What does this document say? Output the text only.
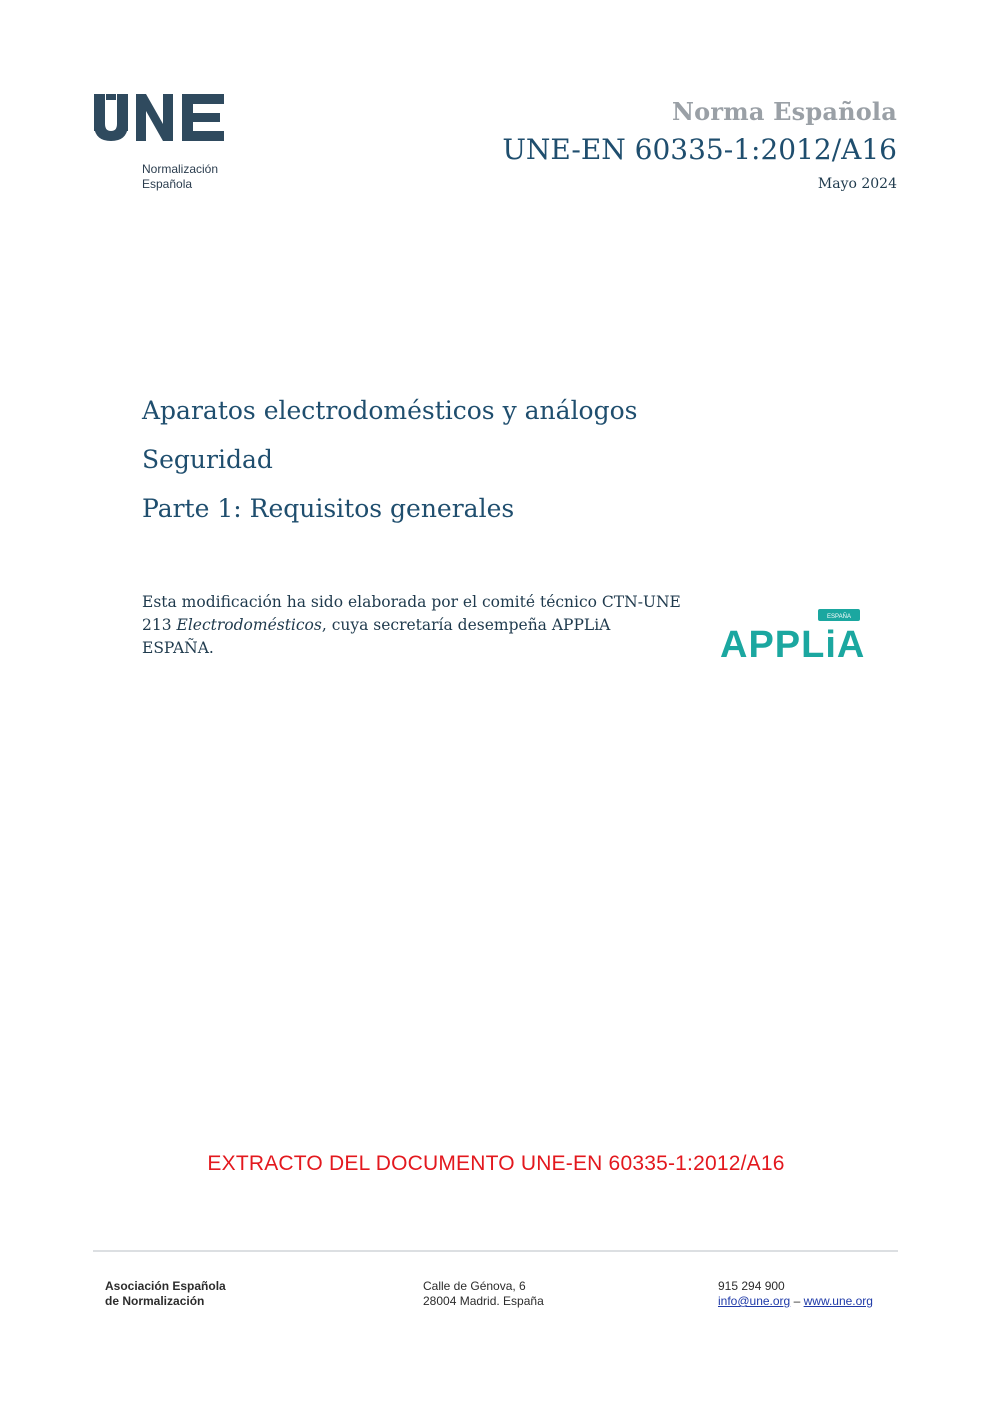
Normalización
Española
Norma Española
UNE-EN 60335-1:2012/A16
Mayo 2024
Aparatos electrodomésticos y análogos
Seguridad
Parte 1: Requisitos generales
Esta modificación ha sido elaborada por el comité técnico CTN-UNE 213 Electrodomésticos, cuya secretaría desempeña APPLiA ESPAÑA.
ESPAÑA
APPLiA
EXTRACTO DEL DOCUMENTO UNE-EN 60335-1:2012/A16
Asociación Española
de Normalización
Calle de Génova, 6
28004 Madrid. España
915 294 900
info@une.org – www.une.org
